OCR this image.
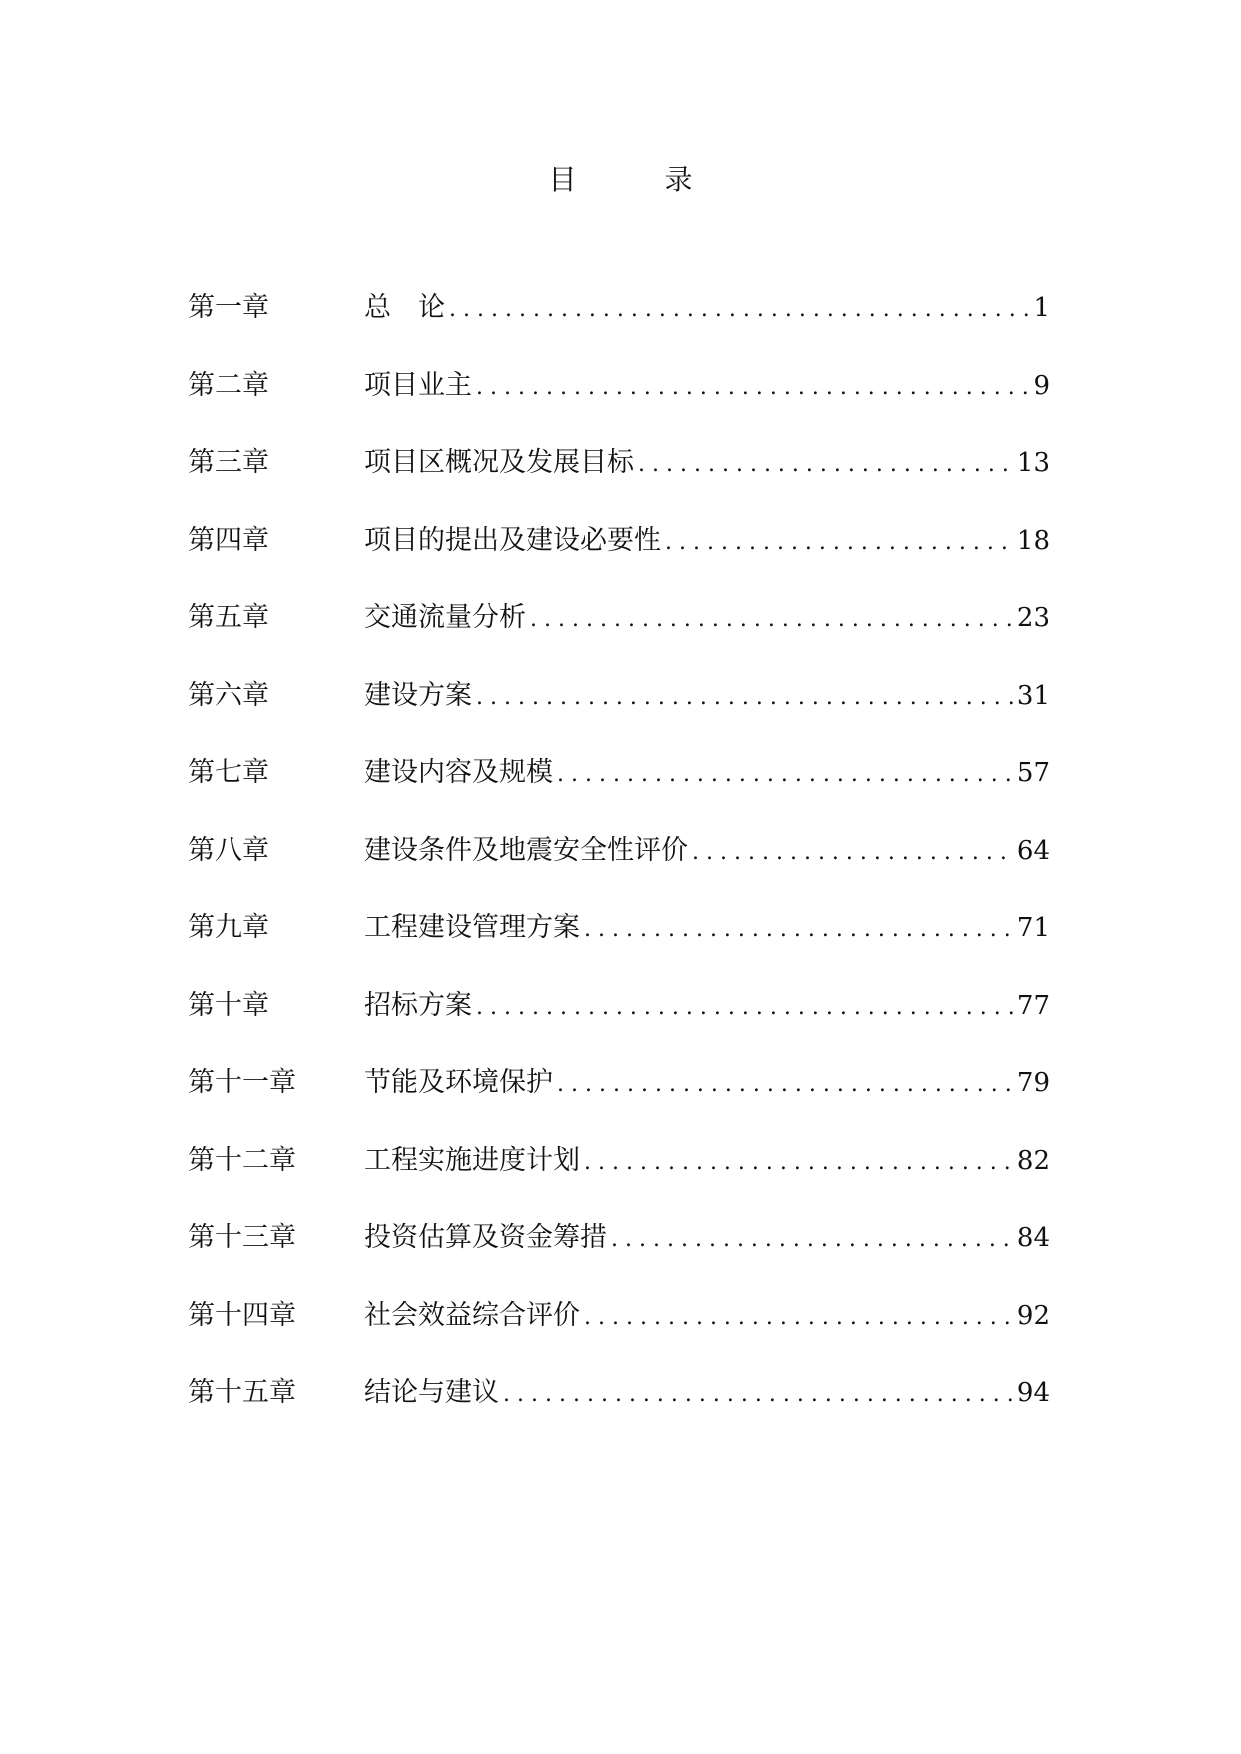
目	录
第一章	总　论 .....	1
第二章	项目业主 .....	9
第三章	项目区概况及发展目标 .....	13
第四章	项目的提出及建设必要性 .....	18
第五章	交通流量分析 .....	23
第六章	建设方案 .....	31
第七章	建设内容及规模 .....	57
第八章	建设条件及地震安全性评价 .....	64
第九章	工程建设管理方案 .....	71
第十章	招标方案 .....	77
第十一章	节能及环境保护 .....	79
第十二章	工程实施进度计划 .....	82
第十三章	投资估算及资金筹措 .....	84
第十四章	社会效益综合评价 .....	92
第十五章	结论与建议 .....	94
